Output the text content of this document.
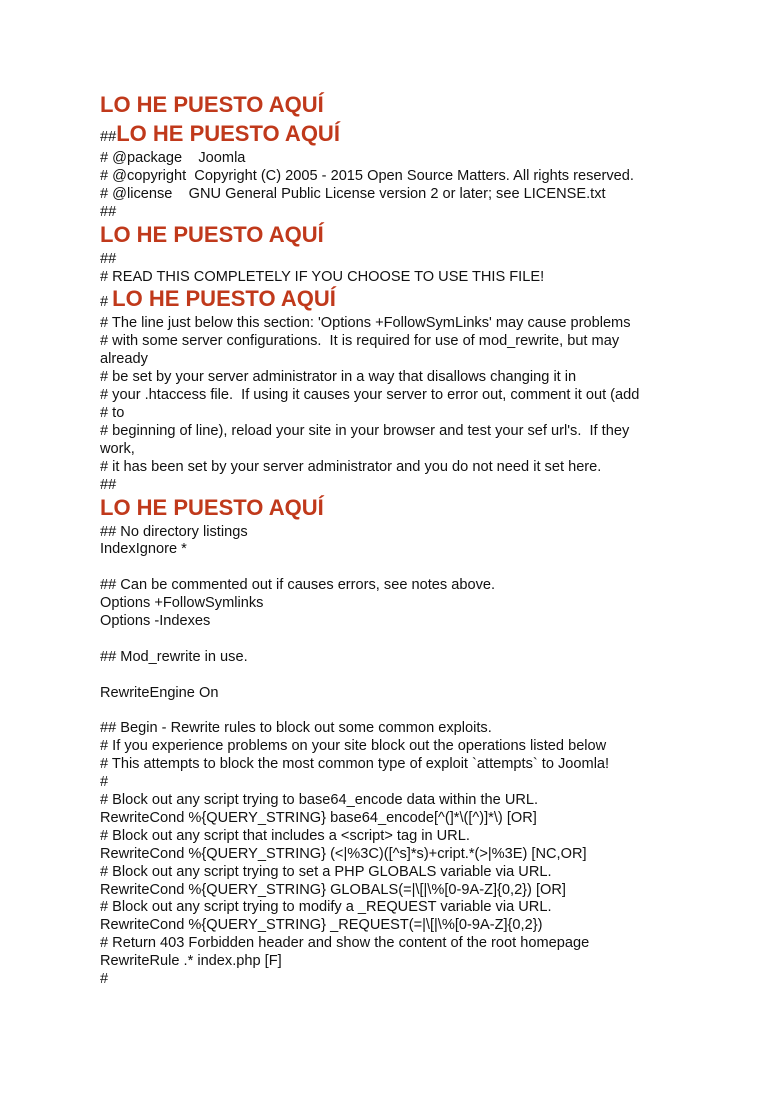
LO HE PUESTO AQUÍ
##LO HE PUESTO AQUÍ
# @package    Joomla
# @copyright  Copyright (C) 2005 - 2015 Open Source Matters. All rights reserved.
# @license    GNU General Public License version 2 or later; see LICENSE.txt
##
LO HE PUESTO AQUÍ
##
# READ THIS COMPLETELY IF YOU CHOOSE TO USE THIS FILE!
# LO HE PUESTO AQUÍ
# The line just below this section: 'Options +FollowSymLinks' may cause problems
# with some server configurations.  It is required for use of mod_rewrite, but may
already
# be set by your server administrator in a way that disallows changing it in
# your .htaccess file.  If using it causes your server to error out, comment it out (add
# to
# beginning of line), reload your site in your browser and test your sef url's.  If they
work,
# it has been set by your server administrator and you do not need it set here.
##
LO HE PUESTO AQUÍ
## No directory listings
IndexIgnore *
## Can be commented out if causes errors, see notes above.
Options +FollowSymlinks
Options -Indexes
## Mod_rewrite in use.
RewriteEngine On
## Begin - Rewrite rules to block out some common exploits.
# If you experience problems on your site block out the operations listed below
# This attempts to block the most common type of exploit `attempts` to Joomla!
#
# Block out any script trying to base64_encode data within the URL.
RewriteCond %{QUERY_STRING} base64_encode[^(]*\([^)]*\) [OR]
# Block out any script that includes a <script> tag in URL.
RewriteCond %{QUERY_STRING} (<|%3C)([^s]*s)+cript.*(>|%3E) [NC,OR]
# Block out any script trying to set a PHP GLOBALS variable via URL.
RewriteCond %{QUERY_STRING} GLOBALS(=|\[|\%[0-9A-Z]{0,2}) [OR]
# Block out any script trying to modify a _REQUEST variable via URL.
RewriteCond %{QUERY_STRING} _REQUEST(=|\[|\%[0-9A-Z]{0,2})
# Return 403 Forbidden header and show the content of the root homepage
RewriteRule .* index.php [F]
#
